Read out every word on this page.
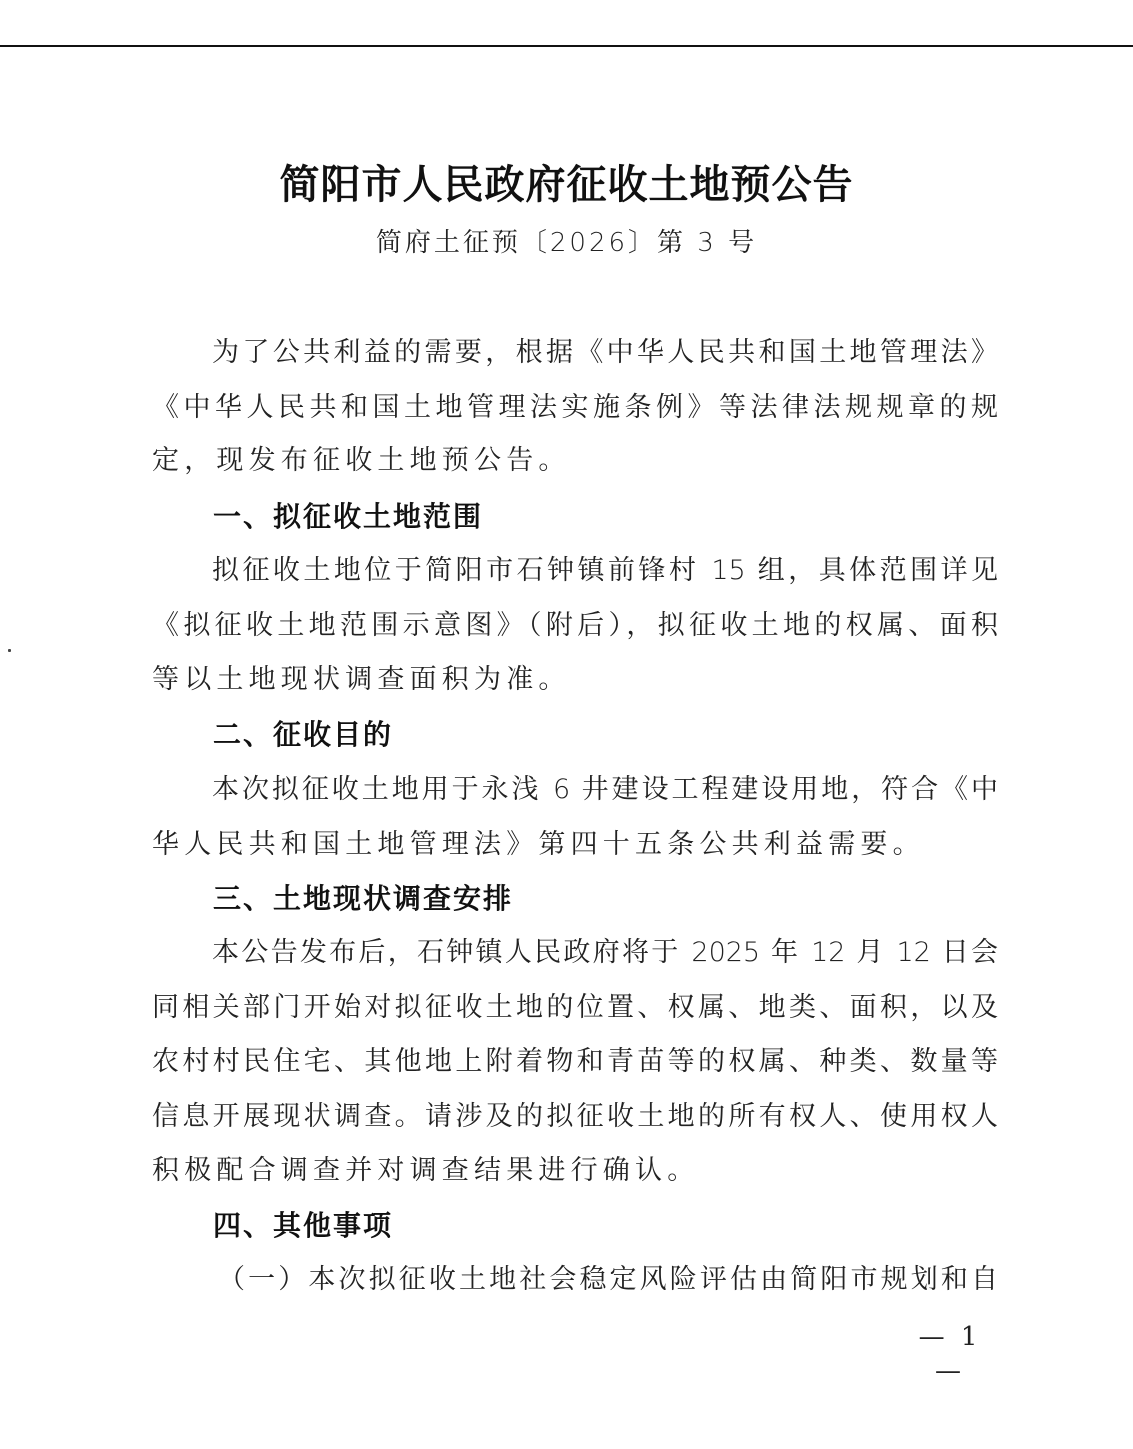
简阳市人民政府征收土地预公告
简府土征预〔2026〕第 3 号
为了公共利益的需要，根据《中华人民共和国土地管理法》
《中华人民共和国土地管理法实施条例》等法律法规规章的规
定，现发布征收土地预公告。
一、拟征收土地范围
拟征收土地位于简阳市石钟镇前锋村 15 组，具体范围详见
《拟征收土地范围示意图》（附后），拟征收土地的权属、面积
等以土地现状调查面积为准。
二、征收目的
本次拟征收土地用于永浅 6 井建设工程建设用地，符合《中
华人民共和国土地管理法》第四十五条公共利益需要。
三、土地现状调查安排
本公告发布后，石钟镇人民政府将于 2025 年 12 月 12 日会
同相关部门开始对拟征收土地的位置、权属、地类、面积，以及
农村村民住宅、其他地上附着物和青苗等的权属、种类、数量等
信息开展现状调查。请涉及的拟征收土地的所有权人、使用权人
积极配合调查并对调查结果进行确认。
四、其他事项
（一）本次拟征收土地社会稳定风险评估由简阳市规划和自
— 1 —
